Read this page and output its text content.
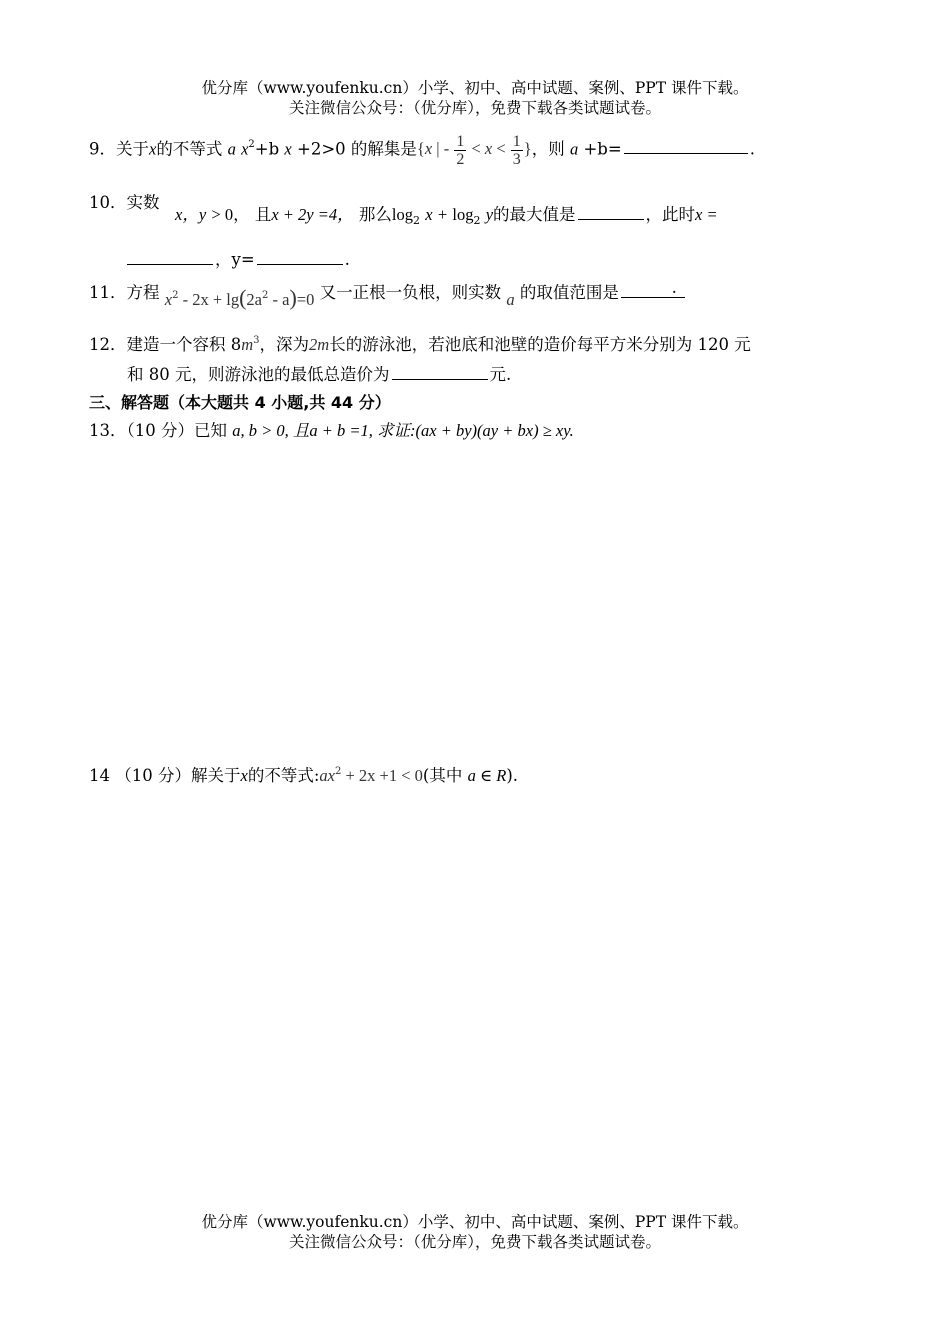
优分库（www.youfenku.cn）小学、初中、高中试题、案例、PPT 课件下载。
关注微信公众号：（优分库），免费下载各类试题试卷。
9．关于x的不等式 a $x^2+b$ x +2>0 的解集是{x | - $\frac{1}{2} < x < \frac{1}{3}$ }，则 a +b=	.
10．实数
x，y > 0， 且x + 2y =4， 那么$\log_2 x + \log_2 y$的最大值是	，此时x =
，y=	.
11．方程 $x^2 - 2x + \lg(2a^2 - a)=0$ 又一正根一负根，则实数 a 的取值范围是	.
12．建造一个容积 $8m^3$，深为2m长的游泳池，若池底和池壁的造价每平方米分别为 120 元
和 80 元，则游泳池的最低总造价为	元.
三、解答题（本大题共 4 小题,共 44 分）
13．（10 分）已知 a, b > 0, 且a + b =1, 求证:(ax + by)(ay + bx) ≥ xy.
14 （10 分）解关于x的不等式$:ax^2 + 2x +1 < 0$(其中 a ∈ R).
优分库（www.youfenku.cn）小学、初中、高中试题、案例、PPT 课件下载。
关注微信公众号：（优分库），免费下载各类试题试卷。
